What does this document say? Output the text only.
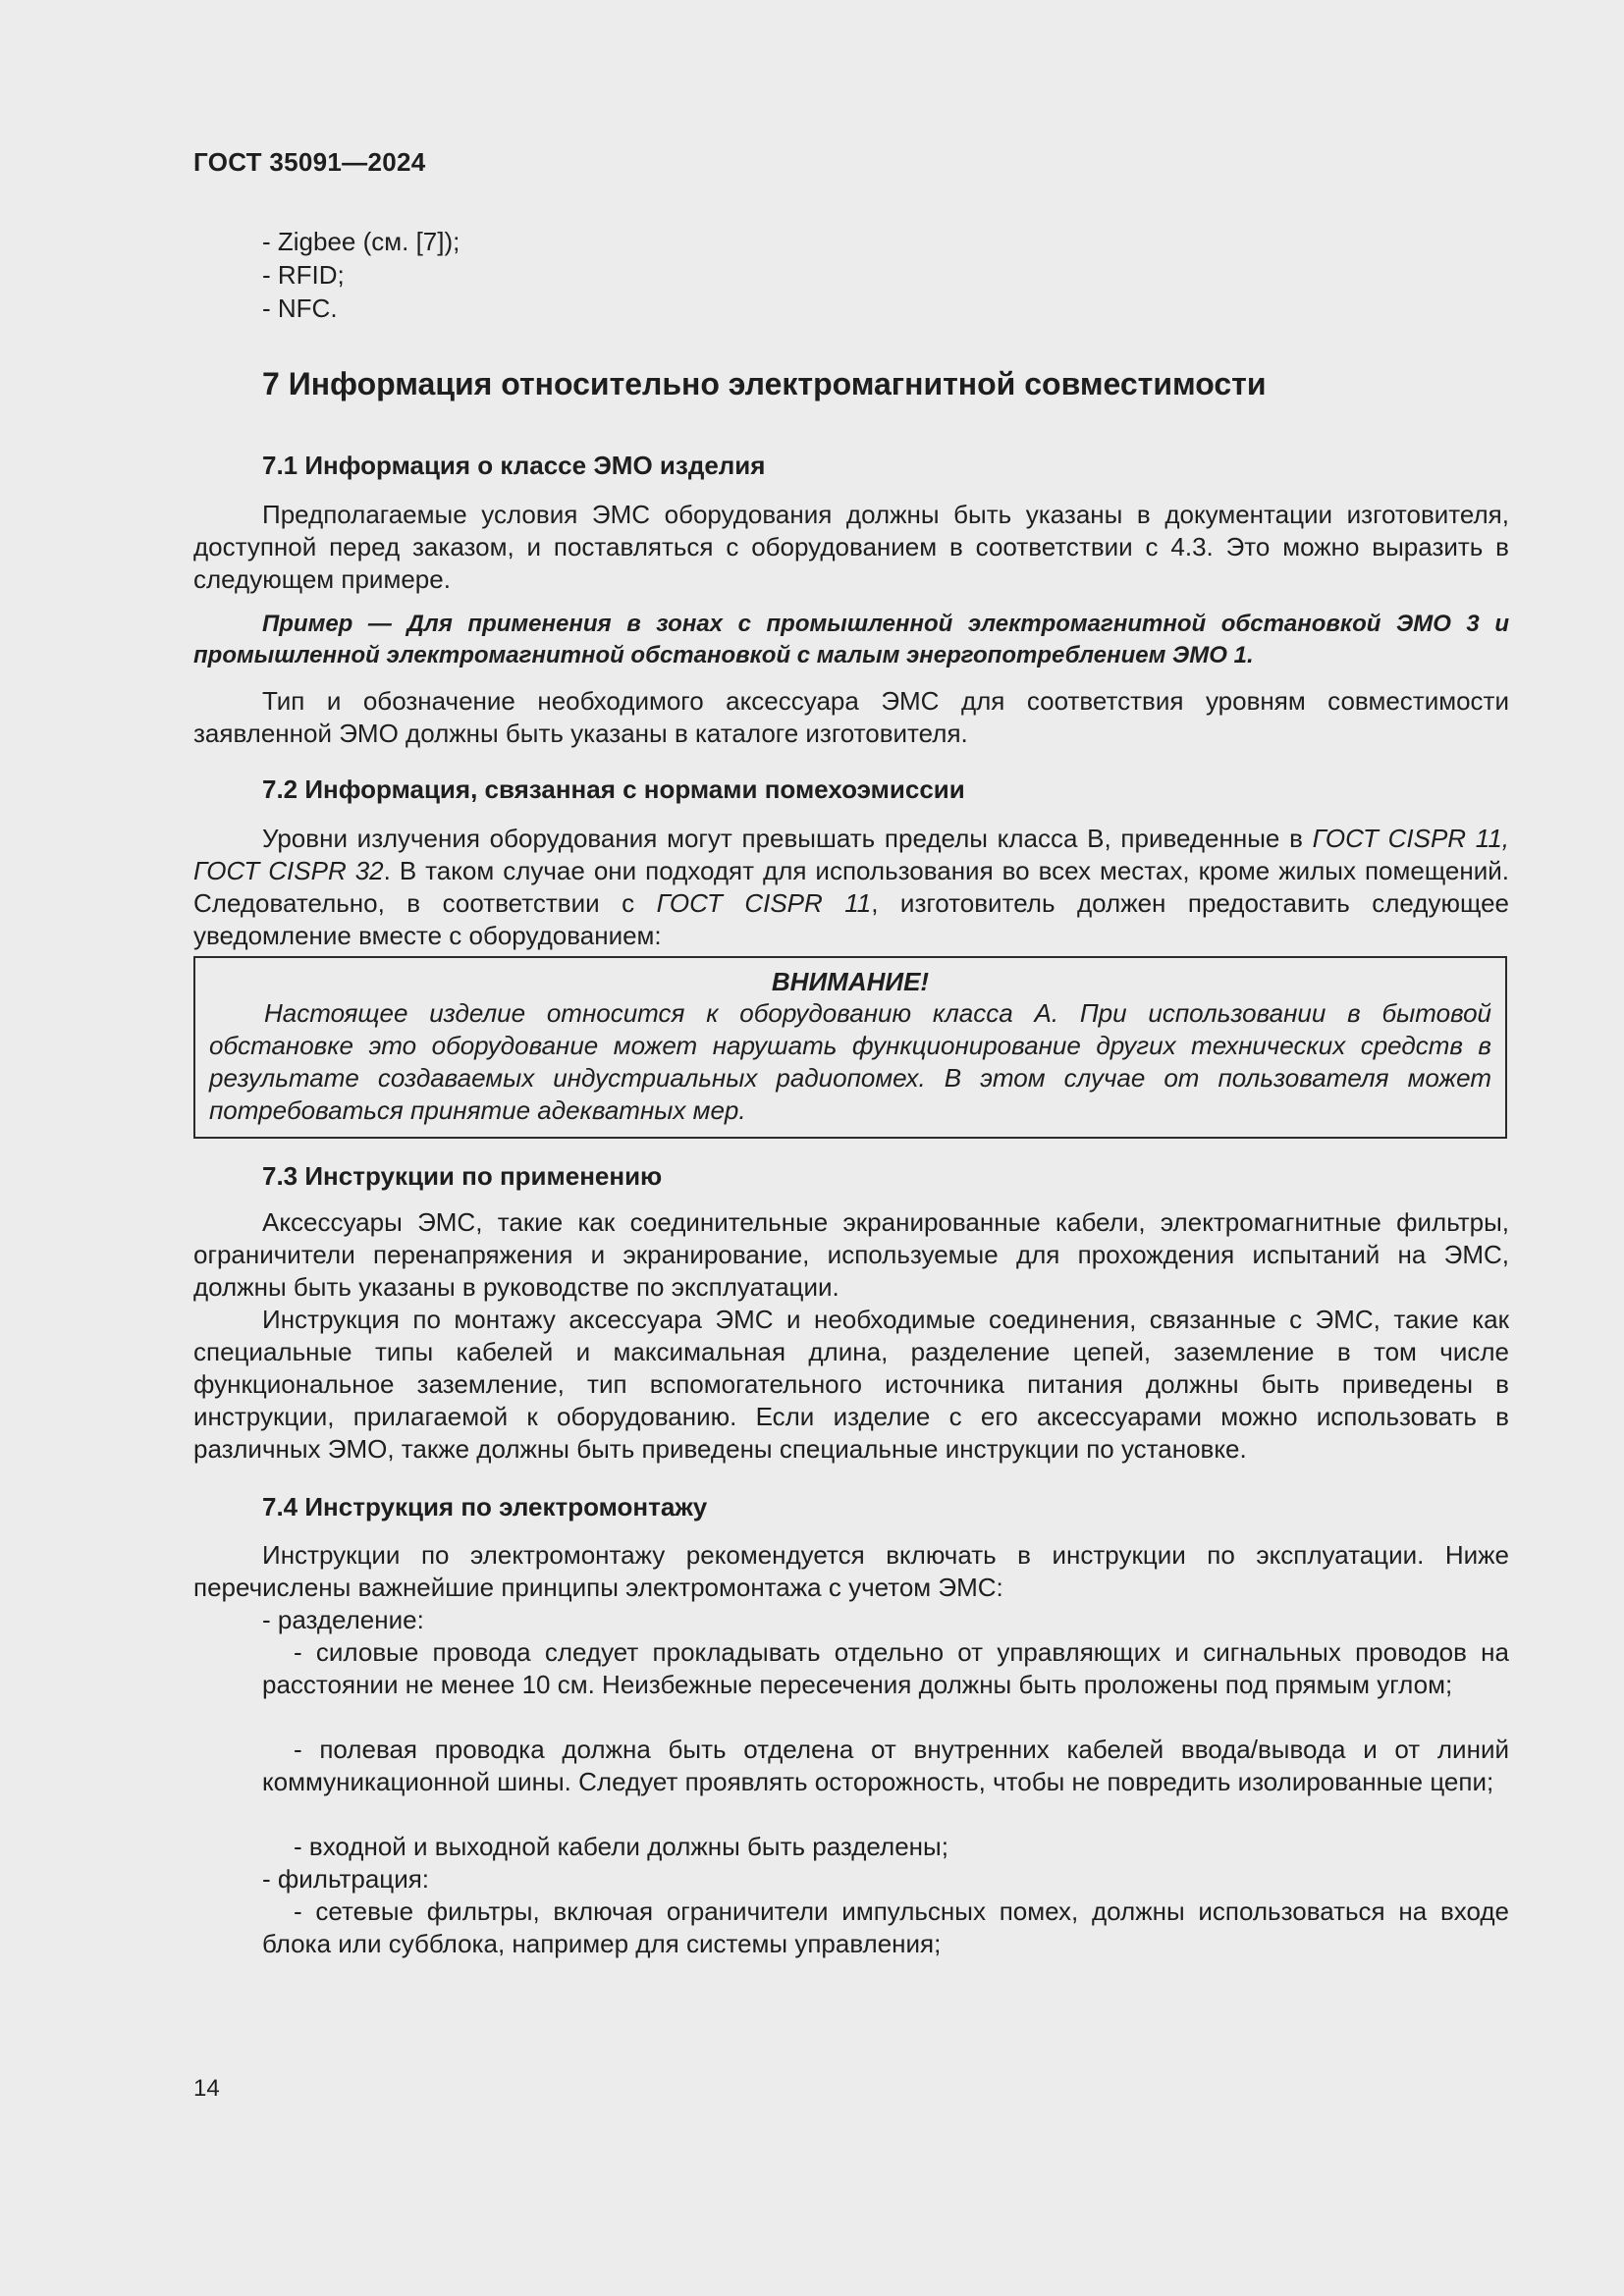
ГОСТ 35091—2024
- Zigbee (см. [7]);
- RFID;
- NFC.
7 Информация относительно электромагнитной совместимости
7.1 Информация о классе ЭМО изделия

Предполагаемые условия ЭМС оборудования должны быть указаны в документации изготовителя, доступной перед заказом, и поставляться с оборудованием в соответствии с 4.3. Это можно выразить в следующем примере.

Пример — Для применения в зонах с промышленной электромагнитной обстановкой ЭМО 3 и промышленной электромагнитной обстановкой с малым энергопотреблением ЭМО 1.

Тип и обозначение необходимого аксессуара ЭМС для соответствия уровням совместимости заявленной ЭМО должны быть указаны в каталоге изготовителя.

7.2 Информация, связанная с нормами помехоэмиссии

Уровни излучения оборудования могут превышать пределы класса B, приведенные в ГОСТ CISPR 11, ГОСТ CISPR 32. В таком случае они подходят для использования во всех местах, кроме жилых помещений. Следовательно, в соответствии с ГОСТ CISPR 11, изготовитель должен предоставить следующее уведомление вместе с оборудованием:

ВНИМАНИЕ!

Настоящее изделие относится к оборудованию класса A. При использовании в бытовой обстановке это оборудование может нарушать функционирование других технических средств в результате создаваемых индустриальных радиопомех. В этом случае от пользователя может потребоваться принятие адекватных мер.

7.3 Инструкции по применению

Аксессуары ЭМС, такие как соединительные экранированные кабели, электромагнитные фильтры, ограничители перенапряжения и экранирование, используемые для прохождения испытаний на ЭМС, должны быть указаны в руководстве по эксплуатации.

Инструкция по монтажу аксессуара ЭМС и необходимые соединения, связанные с ЭМС, такие как специальные типы кабелей и максимальная длина, разделение цепей, заземление в том числе функциональное заземление, тип вспомогательного источника питания должны быть приведены в инструкции, прилагаемой к оборудованию. Если изделие с его аксессуарами можно использовать в различных ЭМО, также должны быть приведены специальные инструкции по установке.

7.4 Инструкция по электромонтажу

Инструкции по электромонтажу рекомендуется включать в инструкции по эксплуатации. Ниже перечислены важнейшие принципы электромонтажа с учетом ЭМС:

- разделение:

- силовые провода следует прокладывать отдельно от управляющих и сигнальных проводов на расстоянии не менее 10 см. Неизбежные пересечения должны быть проложены под прямым углом;

- полевая проводка должна быть отделена от внутренних кабелей ввода/вывода и от линий коммуникационной шины. Следует проявлять осторожность, чтобы не повредить изолированные цепи;

- входной и выходной кабели должны быть разделены;

- фильтрация:

- сетевые фильтры, включая ограничители импульсных помех, должны использоваться на входе блока или субблока, например для системы управления;

14
